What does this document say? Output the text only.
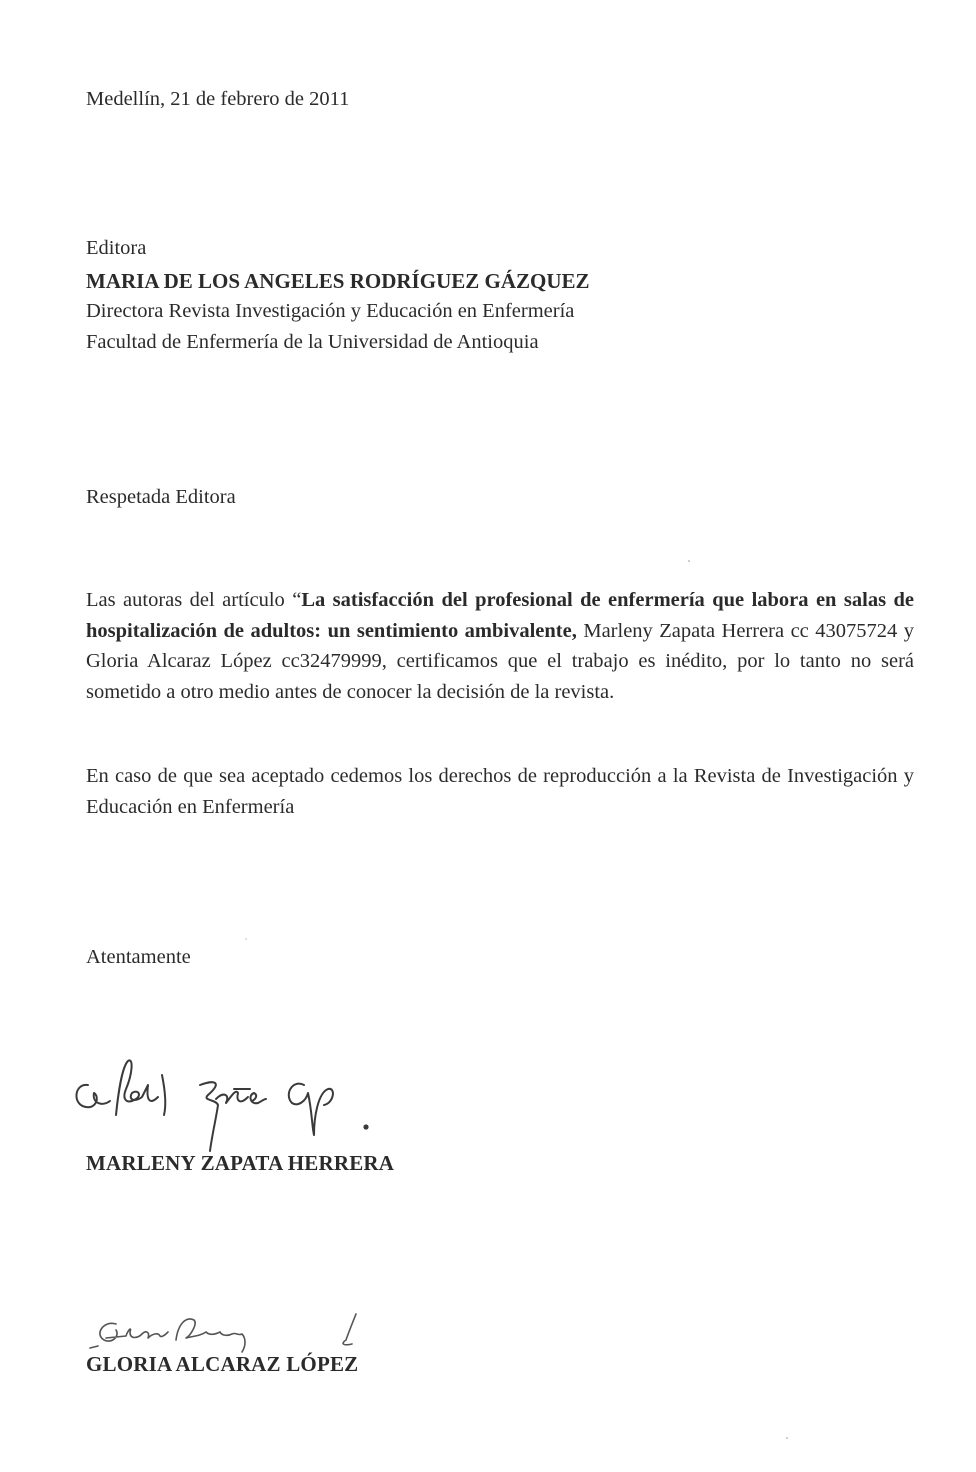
Medellín, 21 de febrero de 2011
Editora
MARIA DE LOS ANGELES RODRÍGUEZ GÁZQUEZ
Directora Revista Investigación y Educación en Enfermería
Facultad de Enfermería de la Universidad de Antioquia
Respetada Editora
Las autoras del artículo “La satisfacción del profesional de enfermería que labora en salas de hospitalización de adultos: un sentimiento ambivalente, Marleny Zapata Herrera cc 43075724 y Gloria Alcaraz López cc32479999, certificamos que el trabajo es inédito, por lo tanto no será sometido a otro medio antes de conocer la decisión de la revista.
En caso de que sea aceptado cedemos los derechos de reproducción a la Revista de Investigación y Educación en Enfermería
Atentamente
MARLENY ZAPATA HERRERA
GLORIA ALCARAZ LÓPEZ
